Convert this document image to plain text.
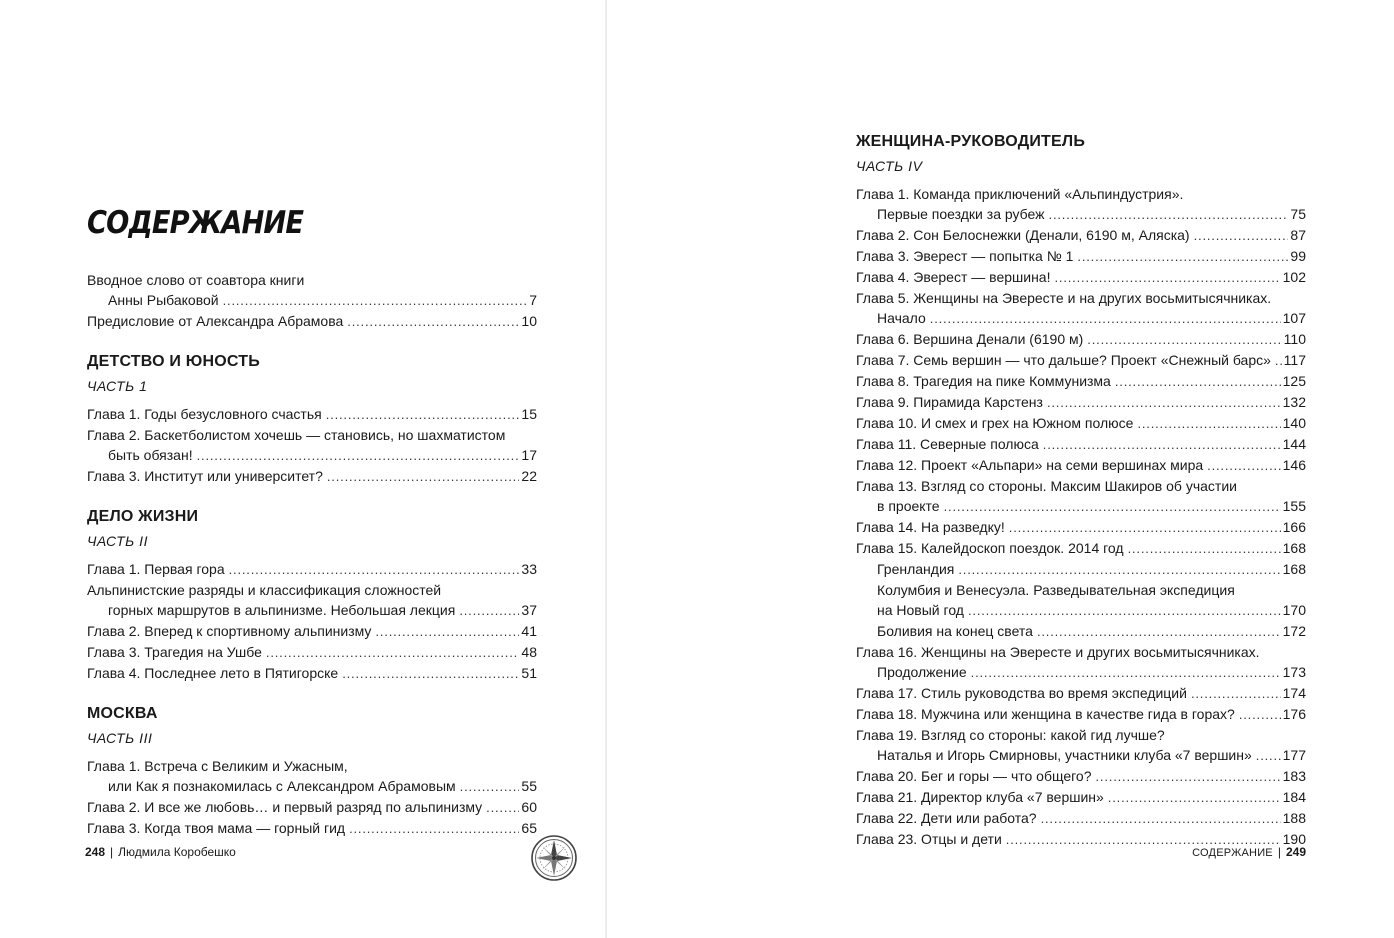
СОДЕРЖАНИЕ
Вводное слово от соавтора книги
Анны Рыбаковой . . .	7
Предисловие от Александра Абрамова . . .	10
ДЕТСТВО И ЮНОСТЬ
ЧАСТЬ 1
Глава 1. Годы безусловного счастья . . .	15
Глава 2. Баскетболистом хочешь — становись, но шахматистом
быть обязан! . . .	17
Глава 3. Институт или университет? . . .	22
ДЕЛО ЖИЗНИ
ЧАСТЬ II
Глава 1. Первая гора . . .	33
Альпинистские разряды и классификация сложностей
горных маршрутов в альпинизме. Небольшая лекция . . .	37
Глава 2. Вперед к спортивному альпинизму . . .	41
Глава 3. Трагедия на Ушбе . . .	48
Глава 4. Последнее лето в Пятигорске . . .	51
МОСКВА
ЧАСТЬ III
Глава 1. Встреча с Великим и Ужасным,
или Как я познакомилась с Александром Абрамовым . . .	55
Глава 2. И все же любовь… и первый разряд по альпинизму . . .	60
Глава 3. Когда твоя мама — горный гид . . .	65
248 | Людмила Коробешко	СОДЕРЖАНИЕ | 249
ЖЕНЩИНА-РУКОВОДИТЕЛЬ
ЧАСТЬ IV
Глава 1. Команда приключений «Альпиндустрия».
Первые поездки за рубеж . . .	75
Глава 2. Сон Белоснежки (Денали, 6190 м, Аляска) . . .	87
Глава 3. Эверест — попытка № 1 . . .	99
Глава 4. Эверест — вершина! . . .	102
Глава 5. Женщины на Эвересте и на других восьмитысячниках.
Начало . . .	107
Глава 6. Вершина Денали (6190 м) . . .	110
Глава 7. Семь вершин — что дальше? Проект «Снежный барс» . . . 117
Глава 8. Трагедия на пике Коммунизма . . .	125
Глава 9. Пирамида Карстенз . . .	132
Глава 10. И смех и грех на Южном полюсе . . .	140
Глава 11. Северные полюса . . .	144
Глава 12. Проект «Альпари» на семи вершинах мира . . .	146
Глава 13. Взгляд со стороны. Максим Шакиров об участии
в проекте . . .	155
Глава 14. На разведку! . . .	166
Глава 15. Калейдоскоп поездок. 2014 год . . .	168
Гренландия . . .	168
Колумбия и Венесуэла. Разведывательная экспедиция
на Новый год . . .	170
Боливия на конец света . . .	172
Глава 16. Женщины на Эвересте и других восьмитысячниках.
Продолжение . . .	173
Глава 17. Стиль руководства во время экспедиций . . .	174
Глава 18. Мужчина или женщина в качестве гида в горах? . . .	176
Глава 19. Взгляд со стороны: какой гид лучше?
Наталья и Игорь Смирновы, участники клуба «7 вершин» . . . 177
Глава 20. Бег и горы — что общего? . . .	183
Глава 21. Директор клуба «7 вершин» . . .	184
Глава 22. Дети или работа? . . .	188
Глава 23. Отцы и дети . . .	190
